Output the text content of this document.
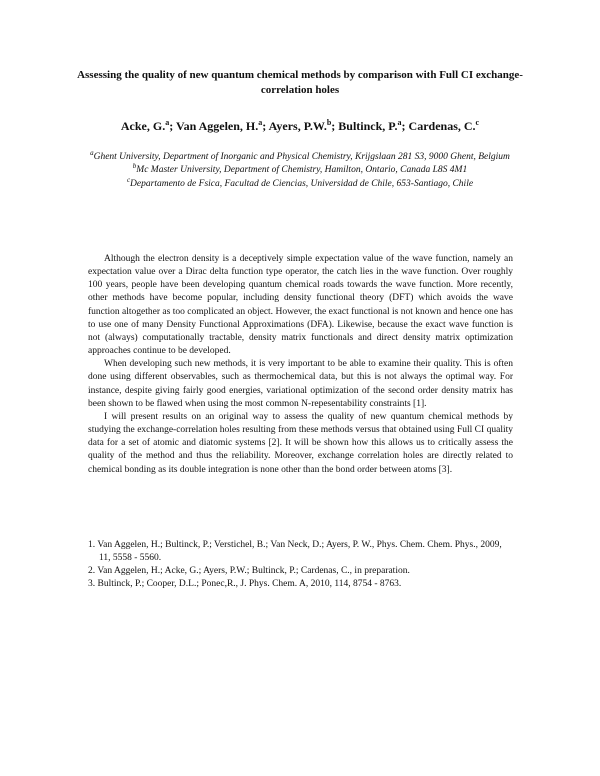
Assessing the quality of new quantum chemical methods by comparison with Full CI exchange-correlation holes
Acke, G.$^a$; Van Aggelen, H.$^a$; Ayers, P.W.$^b$; Bultinck, P.$^a$; Cardenas, C.$^c$

$^a$Ghent University, Department of Inorganic and Physical Chemistry, Krijgslaan 281 S3, 9000 Ghent, Belgium

$^b$Mc Master University, Department of Chemistry, Hamilton, Ontario, Canada L8S 4M1

$^c$Departamento de Fsica, Facultad de Ciencias, Universidad de Chile, 653-Santiago, Chile

Although the electron density is a deceptively simple expectation value of the wave function, namely an expectation value over a Dirac delta function type operator, the catch lies in the wave function. Over roughly 100 years, people have been developing quantum chemical roads towards the wave function. More recently, other methods have become popular, including density functional theory (DFT) which avoids the wave function altogether as too complicated an object. However, the exact functional is not known and hence one has to use one of many Density Functional Approximations (DFA). Likewise, because the exact wave function is not (always) computationally tractable, density matrix functionals and direct density matrix optimization approaches continue to be developed.

When developing such new methods, it is very important to be able to examine their quality. This is often done using different observables, such as thermochemical data, but this is not always the optimal way. For instance, despite giving fairly good energies, variational optimization of the second order density matrix has been shown to be flawed when using the most common N-repesentability constraints [1].

I will present results on an original way to assess the quality of new quantum chemical methods by studying the exchange-correlation holes resulting from these methods versus that obtained using Full CI quality data for a set of atomic and diatomic systems [2]. It will be shown how this allows us to critically assess the quality of the method and thus the reliability. Moreover, exchange correlation holes are directly related to chemical bonding as its double integration is none other than the bond order between atoms [3].

1. Van Aggelen, H.; Bultinck, P.; Verstichel, B.; Van Neck, D.; Ayers, P. W., Phys. Chem. Chem. Phys., 2009, 11, 5558 - 5560.

2. Van Aggelen, H.; Acke, G.; Ayers, P.W.; Bultinck, P.; Cardenas, C., in preparation.

3. Bultinck, P.; Cooper, D.L.; Ponec,R., J. Phys. Chem. A, 2010, 114, 8754 - 8763.
